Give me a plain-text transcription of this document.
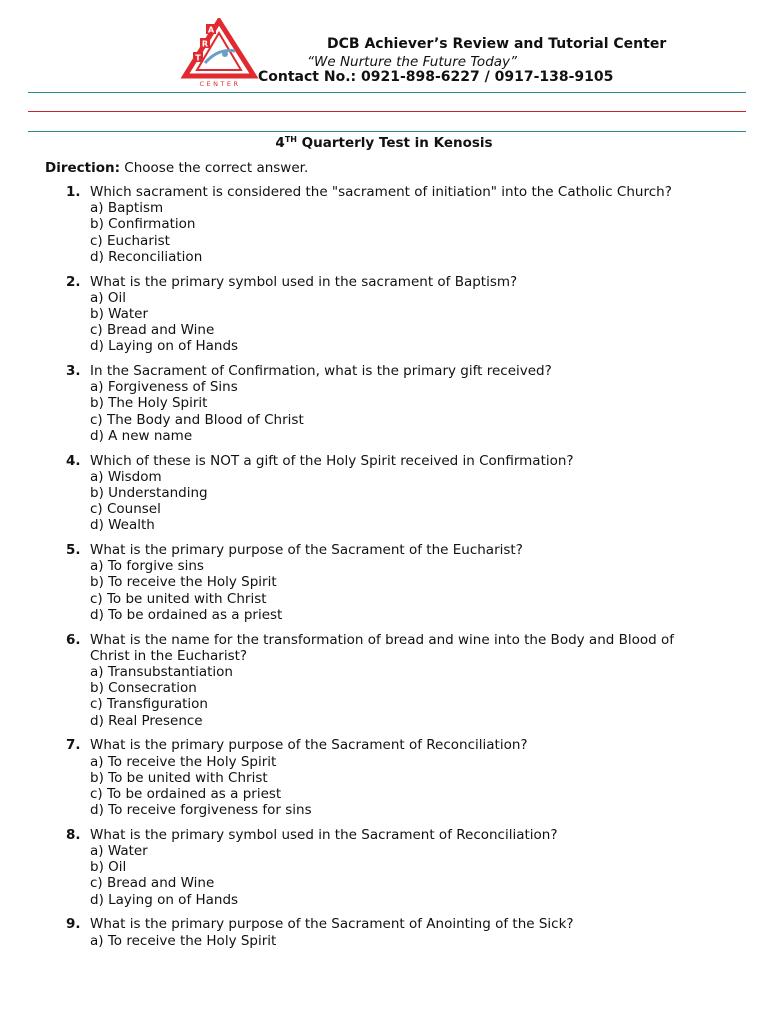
A
R
T
CENTER
DCB Achiever’s Review and Tutorial Center
“We Nurture the Future Today”
Contact No.: 0921-898-6227 / 0917-138-9105
4TH Quarterly Test in Kenosis
Direction: Choose the correct answer.
1. Which sacrament is considered the "sacrament of initiation" into the Catholic Church?
a) Baptism
b) Confirmation
c) Eucharist
d) Reconciliation
2. What is the primary symbol used in the sacrament of Baptism?
a) Oil
b) Water
c) Bread and Wine
d) Laying on of Hands
3. In the Sacrament of Confirmation, what is the primary gift received?
a) Forgiveness of Sins
b) The Holy Spirit
c) The Body and Blood of Christ
d) A new name
4. Which of these is NOT a gift of the Holy Spirit received in Confirmation?
a) Wisdom
b) Understanding
c) Counsel
d) Wealth
5. What is the primary purpose of the Sacrament of the Eucharist?
a) To forgive sins
b) To receive the Holy Spirit
c) To be united with Christ
d) To be ordained as a priest
6. What is the name for the transformation of bread and wine into the Body and Blood of Christ in the Eucharist?
a) Transubstantiation
b) Consecration
c) Transfiguration
d) Real Presence
7. What is the primary purpose of the Sacrament of Reconciliation?
a) To receive the Holy Spirit
b) To be united with Christ
c) To be ordained as a priest
d) To receive forgiveness for sins
8. What is the primary symbol used in the Sacrament of Reconciliation?
a) Water
b) Oil
c) Bread and Wine
d) Laying on of Hands
9. What is the primary purpose of the Sacrament of Anointing of the Sick?
a) To receive the Holy Spirit
